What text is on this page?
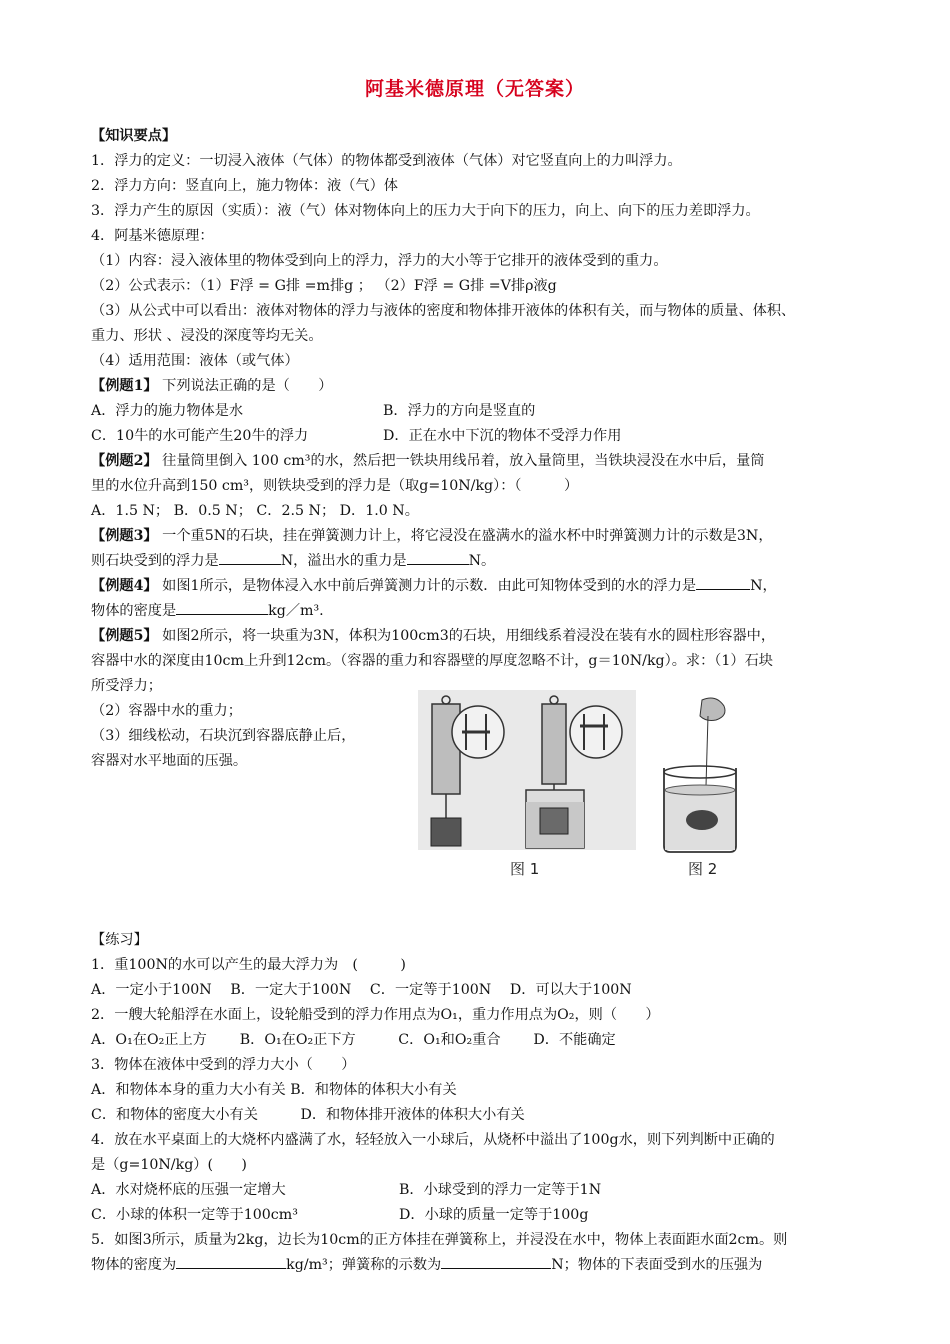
阿基米德原理（无答案）
【知识要点】
1．浮力的定义：一切浸入液体（气体）的物体都受到液体（气体）对它竖直向上的力叫浮力。
2．浮力方向：竖直向上，施力物体：液（气）体
3．浮力产生的原因（实质）：液（气）体对物体向上的压力大于向下的压力，向上、向下的压力差即浮力。
4．阿基米德原理：
（1）内容：浸入液体里的物体受到向上的浮力，浮力的大小等于它排开的液体受到的重力。
（2）公式表示：（1）F浮 = G排 =m排g ； （2）F浮 = G排 =V排ρ液g
（3）从公式中可以看出：液体对物体的浮力与液体的密度和物体排开液体的体积有关，而与物体的质量、体积、
重力、形状 、浸没的深度等均无关。
（4）适用范围：液体（或气体）
【例题1】 下列说法正确的是（　　）
A．浮力的施力物体是水	B．浮力的方向是竖直的
C．10牛的水可能产生20牛的浮力	D．正在水中下沉的物体不受浮力作用
【例题2】 往量筒里倒入 100 cm³的水，然后把一铁块用线吊着，放入量筒里，当铁块浸没在水中后，量筒
里的水位升高到150 cm³，则铁块受到的浮力是（取g=10N/kg）：（　　　）
A．1.5 N； B．0.5 N； C．2.5 N； D．1.0 N。
【例题3】 一个重5N的石块，挂在弹簧测力计上，将它浸没在盛满水的溢水杯中时弹簧测力计的示数是3N，
则石块受到的浮力是	N，溢出水的重力是	N。
【例题4】 如图1所示，是物体浸入水中前后弹簧测力计的示数．由此可知物体受到的水的浮力是	N，
物体的密度是	kg／m³.
【例题5】 如图2所示，将一块重为3N，体积为100cm3的石块，用细线系着浸没在装有水的圆柱形容器中，
容器中水的深度由10cm上升到12cm。（容器的重力和容器壁的厚度忽略不计，g＝10N/kg）。求：（1）石块
所受浮力；
（2）容器中水的重力；
（3）细线松动，石块沉到容器底静止后，
容器对水平地面的压强。
图 1	图 2
【练习】
1．重100N的水可以产生的最大浮力为　(　　　)
A．一定小于100N　 B．一定大于100N　 C．一定等于100N　 D．可以大于100N
2．一艘大轮船浮在水面上，设轮船受到的浮力作用点为O₁，重力作用点为O₂，则（　　）
A．O₁在O₂正上方　　 B．O₁在O₂正下方　　　C．O₁和O₂重合　　 D．不能确定
3．物体在液体中受到的浮力大小（　　）
A．和物体本身的重力大小有关 B．和物体的体积大小有关
C．和物体的密度大小有关　　　D．和物体排开液体的体积大小有关
4．放在水平桌面上的大烧杯内盛满了水，轻轻放入一小球后，从烧杯中溢出了100g水，则下列判断中正确的
是（g=10N/kg）(　　)
A．水对烧杯底的压强一定增大	B．小球受到的浮力一定等于1N
C．小球的体积一定等于100cm³	D．小球的质量一定等于100g
5．如图3所示，质量为2kg，边长为10cm的正方体挂在弹簧称上，并浸没在水中，物体上表面距水面2cm。则
物体的密度为	kg/m³；弹簧称的示数为	N；物体的下表面受到水的压强为
